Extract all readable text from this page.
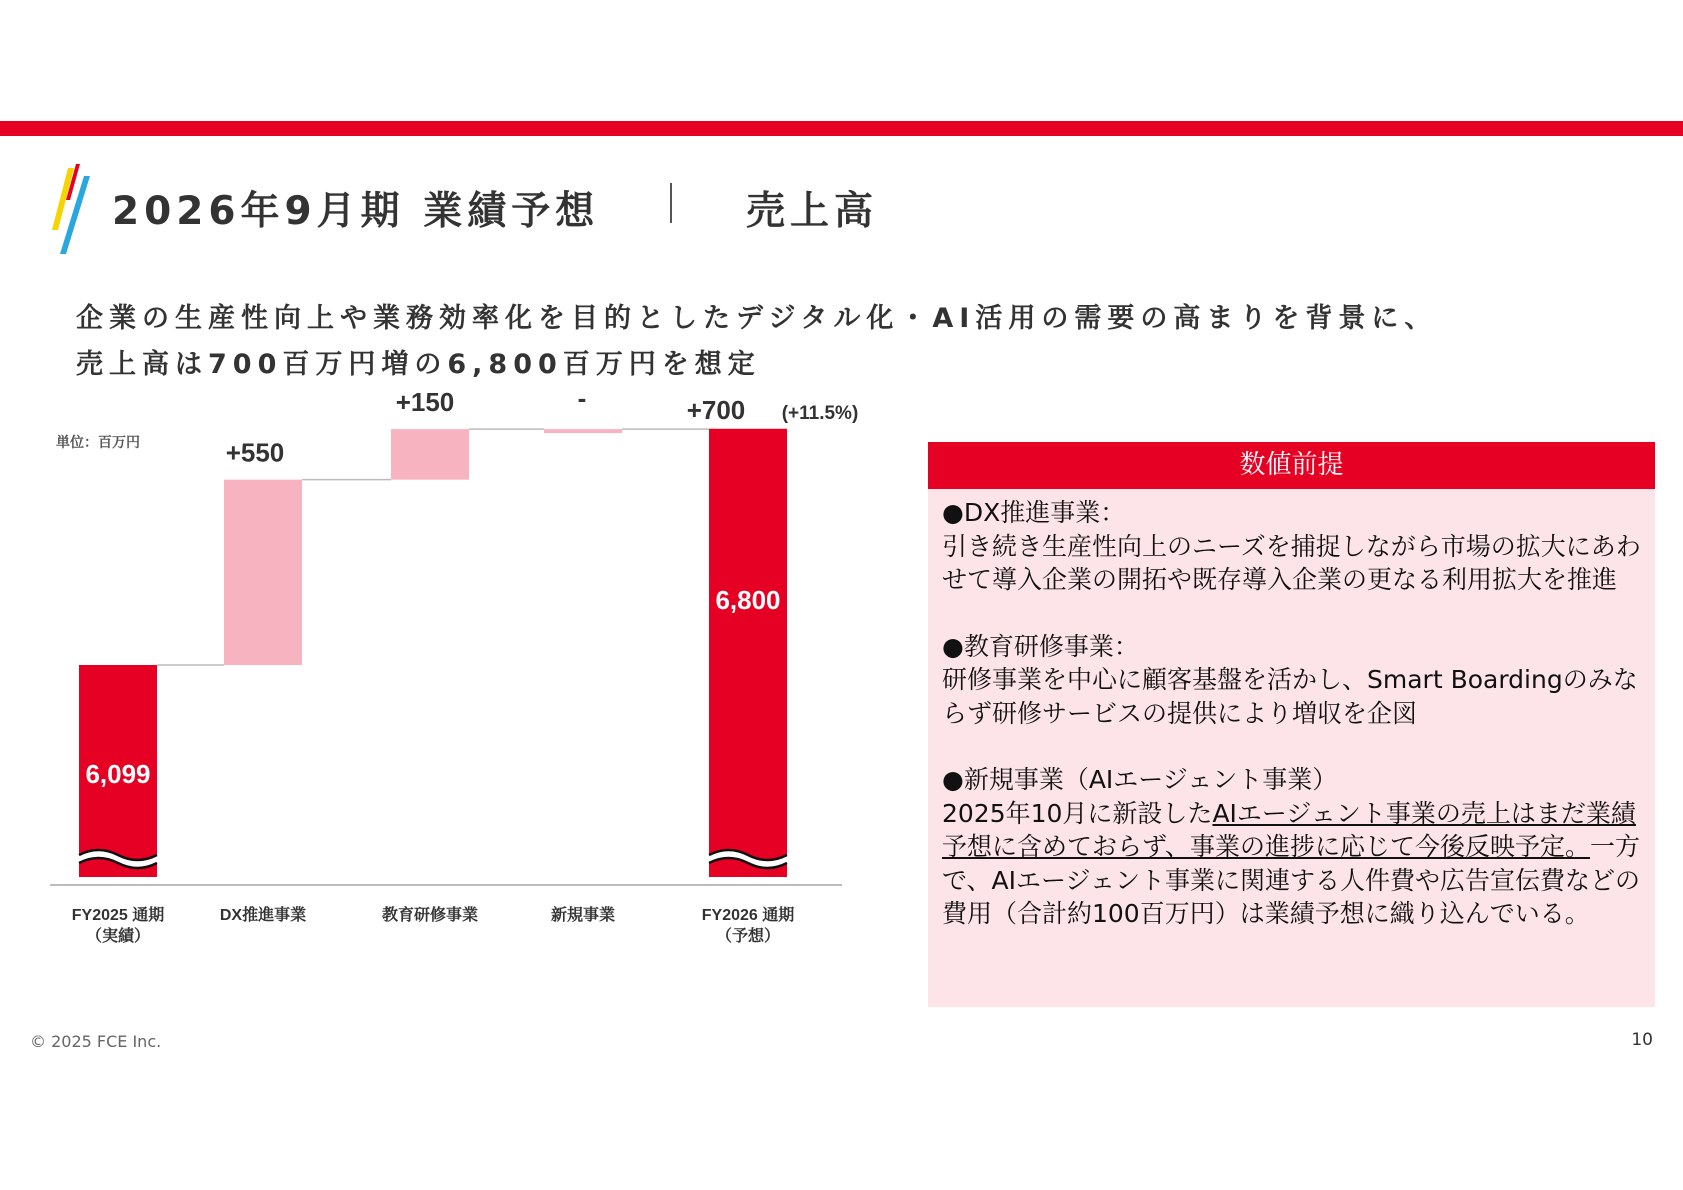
2026年9月期 業績予想	売上高
企業の生産性向上や業務効率化を目的としたデジタル化・AI活用の需要の高まりを背景に、
売上高は700百万円増の6,800百万円を想定
単位：百万円
6,099
6,800
+550
+150	-	+700 (+11.5%)
FY2025 通期
（実績）
DX推進事業	教育研修事業	新規事業	FY2026 通期
（予想）
数値前提

●DX推進事業：

引き続き生産性向上のニーズを捕捉しながら市場の拡大にあわせて導入企業の開拓や既存導入企業の更なる利用拡大を推進

●教育研修事業：

研修事業を中心に顧客基盤を活かし、Smart Boardingのみならず研修サービスの提供により増収を企図

●新規事業（AIエージェント事業）

2025年10月に新設したAIエージェント事業の売上はまだ業績予想に含めておらず、事業の進捗に応じて今後反映予定。一方で、AIエージェント事業に関連する人件費や広告宣伝費などの費用（合計約100百万円）は業績予想に織り込んでいる。

© 2025 FCE Inc.	10
